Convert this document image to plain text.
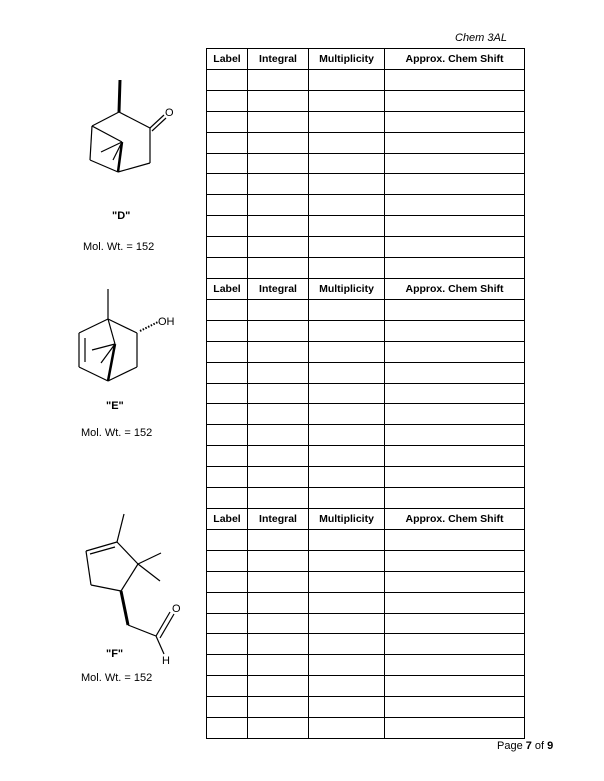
Chem 3AL
O
OH
O
H
"D"
Mol. Wt. = 152
"E"
Mol. Wt. = 152
"F"
Mol. Wt. = 152
Label	Integral	Multiplicity	Approx. Chem Shift

Label	Integral	Multiplicity	Approx. Chem Shift

Label	Integral	Multiplicity	Approx. Chem Shift

Page 7 of 9
